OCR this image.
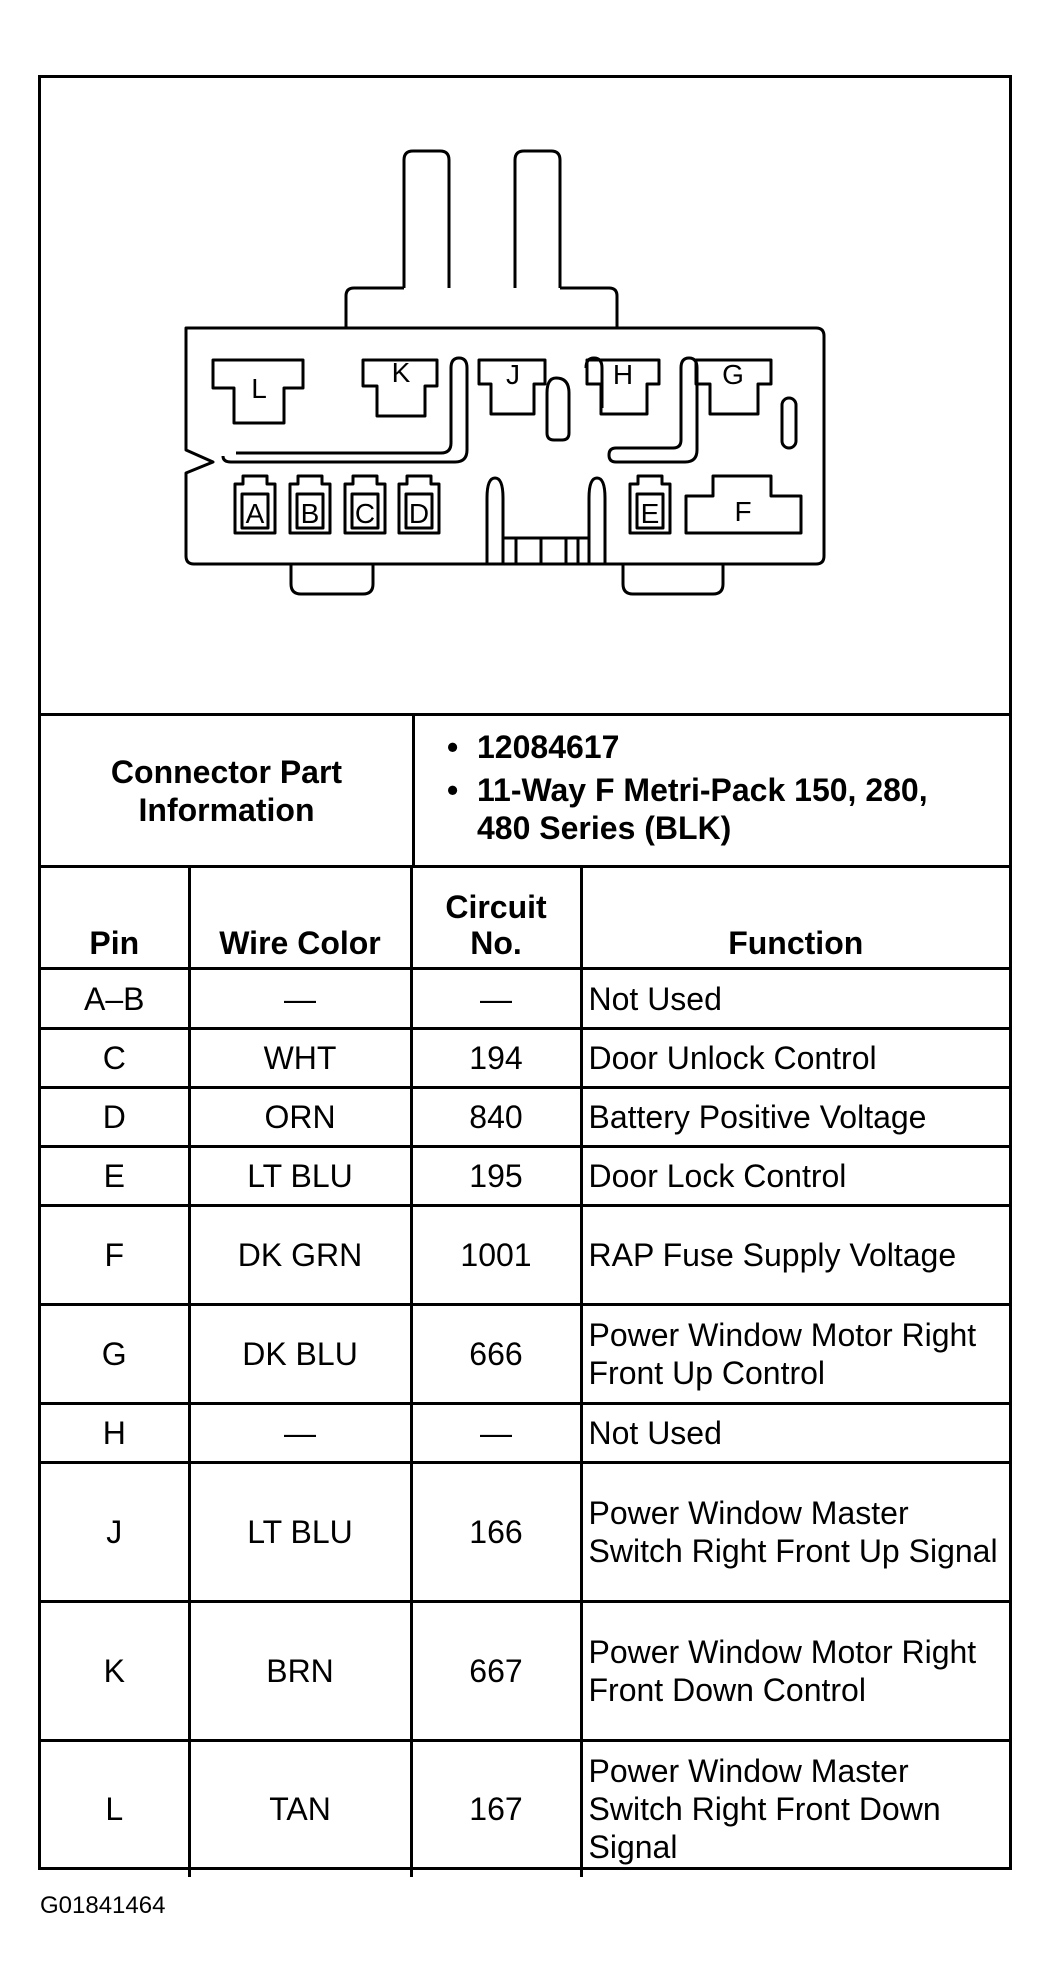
L
K	J	H	G
A B C D	E	F
Connector Part Information
• 12084617
• 11-Way F Metri-Pack 150, 280, 480 Series (BLK)
Pin	Wire Color	Circuit No.	Function
A–B	—	—	Not Used
C	WHT	194	Door Unlock Control
D	ORN	840	Battery Positive Voltage
E	LT BLU	195	Door Lock Control
F	DK GRN	1001	RAP Fuse Supply Voltage
G	DK BLU	666	Power Window Motor Right Front Up Control
H	—	—	Not Used
J	LT BLU	166	Power Window Master Switch Right Front Up Signal
K	BRN	667	Power Window Motor Right Front Down Control
L	TAN	167	Power Window Master Switch Right Front Down Signal
G01841464
